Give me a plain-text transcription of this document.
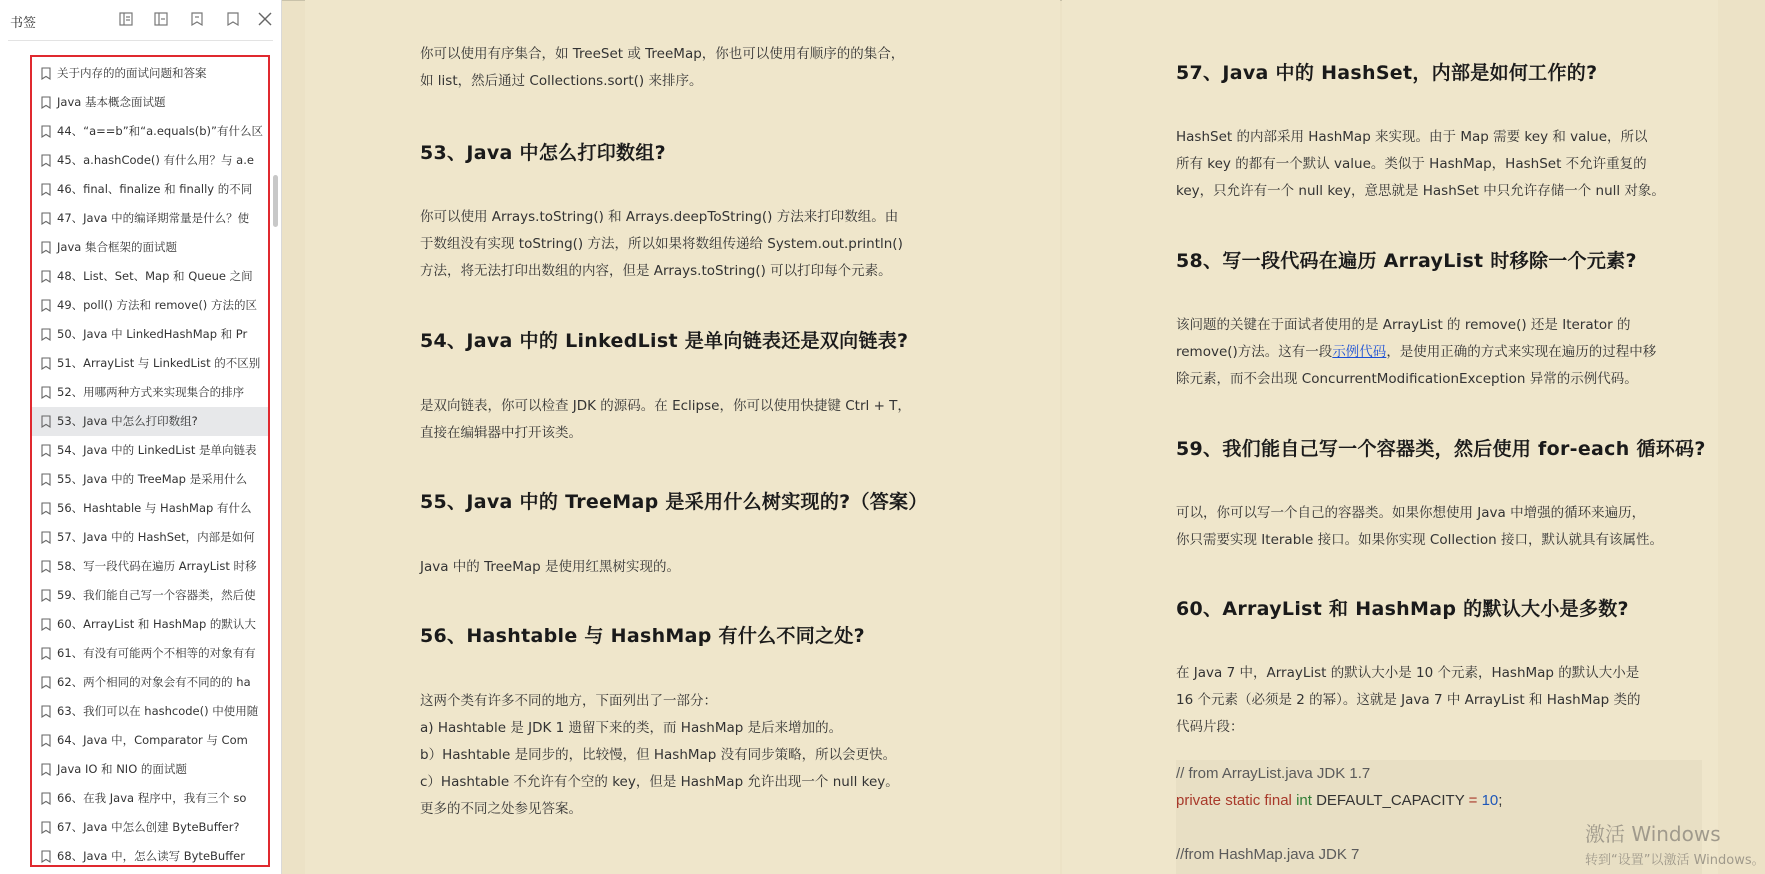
书签
关于内存的的面试问题和答案
Java 基本概念面试题
44、“a==b”和“a.equals(b)”有什么区
45、a.hashCode() 有什么用？与 a.e
46、final、finalize 和 finally 的不同
47、Java 中的编译期常量是什么？使
Java 集合框架的面试题
48、List、Set、Map 和 Queue 之间
49、poll() 方法和 remove() 方法的区
50、Java 中 LinkedHashMap 和 Pr
51、ArrayList 与 LinkedList 的不区别
52、用哪两种方式来实现集合的排序
53、Java 中怎么打印数组?
54、Java 中的 LinkedList 是单向链表
55、Java 中的 TreeMap 是采用什么
56、Hashtable 与 HashMap 有什么
57、Java 中的 HashSet，内部是如何
58、写一段代码在遍历 ArrayList 时移
59、我们能自己写一个容器类，然后使
60、ArrayList 和 HashMap 的默认大
61、有没有可能两个不相等的对象有有
62、两个相同的对象会有不同的的 ha
63、我们可以在 hashcode() 中使用随
64、Java 中，Comparator 与 Com
Java IO 和 NIO 的面试题
66、在我 Java 程序中，我有三个 so
67、Java 中怎么创建 ByteBuffer?
68、Java 中，怎么读写 ByteBuffer
你可以使用有序集合，如 TreeSet 或 TreeMap，你也可以使用有顺序的的集合，
如 list，然后通过 Collections.sort() 来排序。
53、Java 中怎么打印数组?
你可以使用 Arrays.toString() 和 Arrays.deepToString() 方法来打印数组。由
于数组没有实现 toString() 方法，所以如果将数组传递给 System.out.println()
方法，将无法打印出数组的内容，但是 Arrays.toString() 可以打印每个元素。
54、Java 中的 LinkedList 是单向链表还是双向链表?
是双向链表，你可以检查 JDK 的源码。在 Eclipse，你可以使用快捷键 Ctrl + T，
直接在编辑器中打开该类。
55、Java 中的 TreeMap 是采用什么树实现的?（答案）
Java 中的 TreeMap 是使用红黑树实现的。
56、Hashtable 与 HashMap 有什么不同之处?
这两个类有许多不同的地方，下面列出了一部分：
a) Hashtable 是 JDK 1 遗留下来的类，而 HashMap 是后来增加的。
b）Hashtable 是同步的，比较慢，但 HashMap 没有同步策略，所以会更快。
c）Hashtable 不允许有个空的 key，但是 HashMap 允许出现一个 null key。
更多的不同之处参见答案。
57、Java 中的 HashSet，内部是如何工作的?
HashSet 的内部采用 HashMap 来实现。由于 Map 需要 key 和 value，所以
所有 key 的都有一个默认 value。类似于 HashMap，HashSet 不允许重复的
key，只允许有一个 null key，意思就是 HashSet 中只允许存储一个 null 对象。
58、写一段代码在遍历 ArrayList 时移除一个元素?
该问题的关键在于面试者使用的是 ArrayList 的 remove() 还是 Iterator 的
remove()方法。这有一段示例代码，是使用正确的方式来实现在遍历的过程中移
除元素，而不会出现 ConcurrentModificationException 异常的示例代码。
59、我们能自己写一个容器类，然后使用 for-each 循环码?
可以，你可以写一个自己的容器类。如果你想使用 Java 中增强的循环来遍历，
你只需要实现 Iterable 接口。如果你实现 Collection 接口，默认就具有该属性。
60、ArrayList 和 HashMap 的默认大小是多数?
在 Java 7 中，ArrayList 的默认大小是 10 个元素，HashMap 的默认大小是
16 个元素（必须是 2 的幂）。这就是 Java 7 中 ArrayList 和 HashMap 类的
代码片段：
// from ArrayList.java JDK 1.7
private static final int DEFAULT_CAPACITY = 10;
//from HashMap.java JDK 7
激活 Windows
转到“设置”以激活 Windows。
